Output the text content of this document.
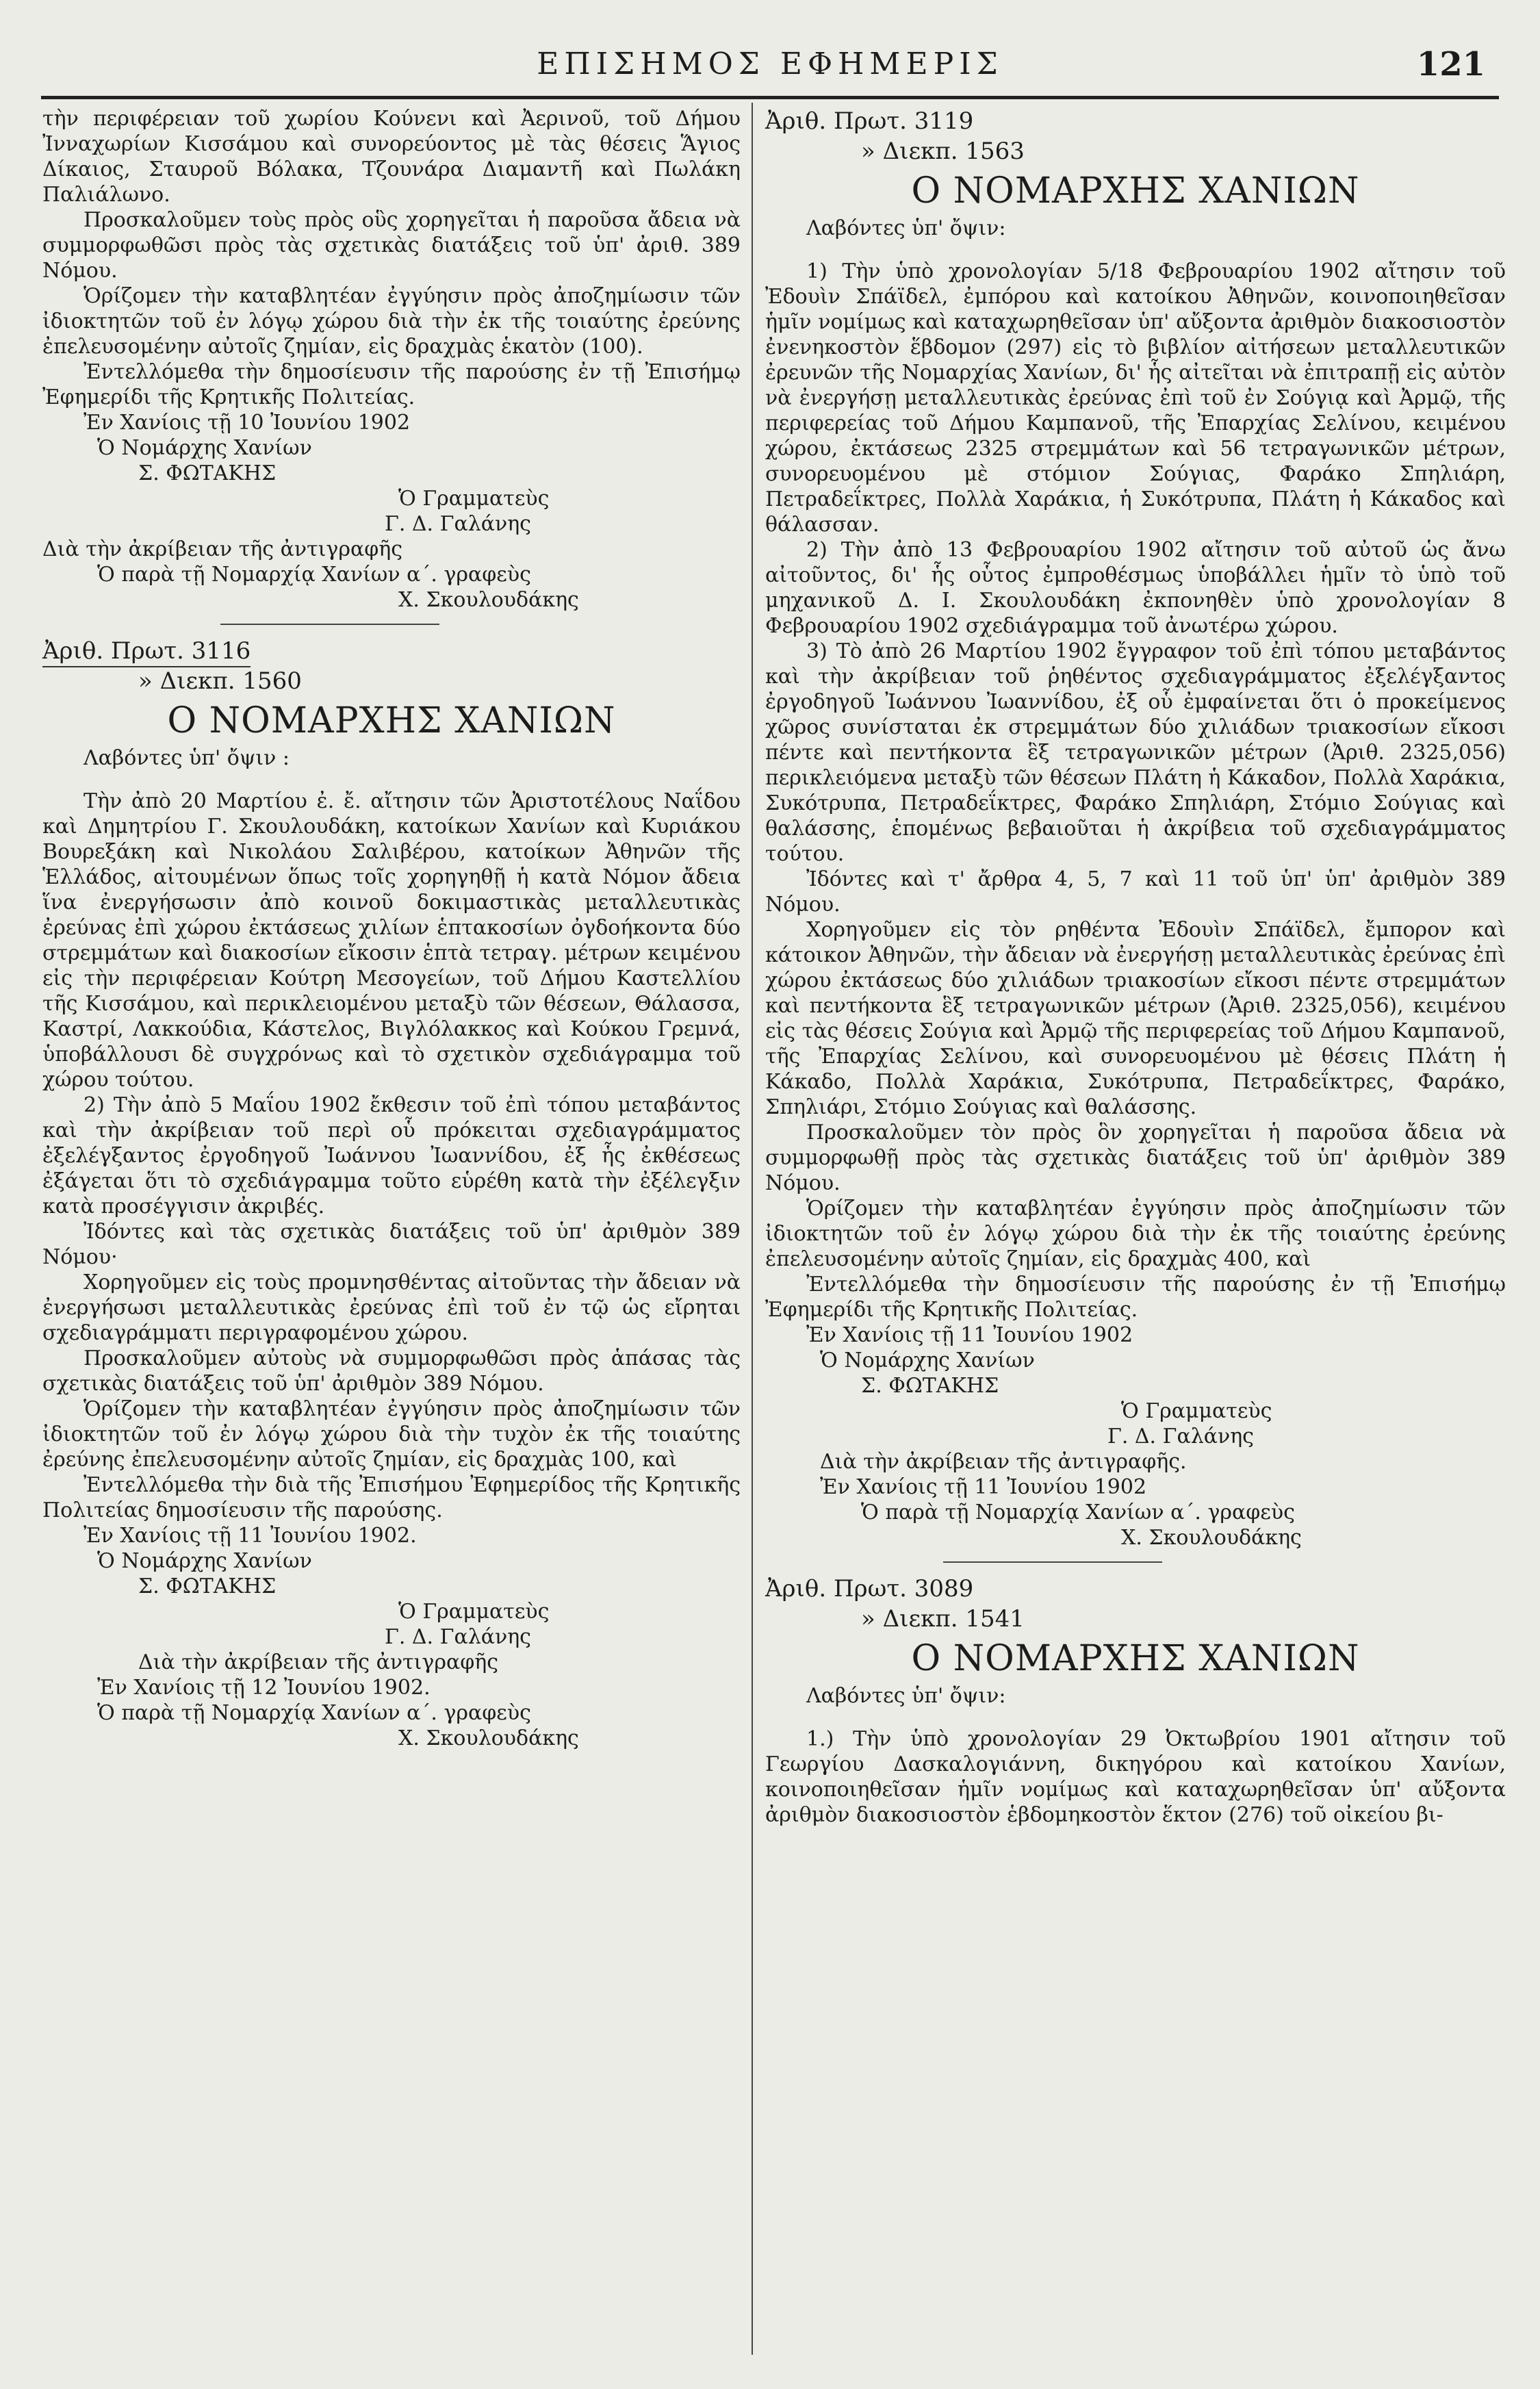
ΕΠΙΣΗΜΟΣ ΕΦΗΜΕΡΙΣ	121

τὴν περιφέρειαν τοῦ χωρίου Κούνενι καὶ Ἀερινοῦ, τοῦ Δήμου Ἰνναχωρίων Κισσάμου καὶ συνορεύοντος μὲ τὰς θέσεις Ἅγιος Δίκαιος, Σταυροῦ Βόλακα, Τζουνάρα Διαμαντῆ καὶ Πωλάκη Παλιάλωνο.

Προσκαλοῦμεν τοὺς πρὸς οὓς χορηγεῖται ἡ παροῦσα ἄδεια νὰ συμμορφωθῶσι πρὸς τὰς σχετικὰς διατάξεις τοῦ ὑπ' ἀριθ. 389 Νόμου.

Ὁρίζομεν τὴν καταβλητέαν ἐγγύησιν πρὸς ἀποζημίωσιν τῶν ἰδιοκτητῶν τοῦ ἐν λόγῳ χώρου διὰ τὴν ἐκ τῆς τοιαύτης ἐρεύνης ἐπελευσομένην αὐτοῖς ζημίαν, εἰς δραχμὰς ἑκατὸν (100).

Ἐντελλόμεθα τὴν δημοσίευσιν τῆς παρούσης ἐν τῇ Ἐπισήμῳ Ἐφημερίδι τῆς Κρητικῆς Πολιτείας.

Ἐν Χανίοις τῇ 10 Ἰουνίου 1902

Ὁ Νομάρχης Χανίων

Σ. ΦΩΤΑΚΗΣ

Ὁ Γραμματεὺς

Γ. Δ. Γαλάνης

Διὰ τὴν ἀκρίβειαν τῆς ἀντιγραφῆς

Ὁ παρὰ τῇ Νομαρχίᾳ Χανίων α΄. γραφεὺς

Χ. Σκουλουδάκης

Ἀριθ. Πρωτ. 3116

» Διεκπ. 1560

Ο ΝΟΜΑΡΧΗΣ ΧΑΝΙΩΝ

Λαβόντες ὑπ' ὄψιν :

Τὴν ἀπὸ 20 Μαρτίου ἐ. ἔ. αἴτησιν τῶν Ἀριστοτέλους Ναΐδου καὶ Δημητρίου Γ. Σκουλουδάκη, κατοίκων Χανίων καὶ Κυριάκου Βουρεξάκη καὶ Νικολάου Σαλιβέρου, κατοίκων Ἀθηνῶν τῆς Ἑλλάδος, αἰτουμένων ὅπως τοῖς χορηγηθῇ ἡ κατὰ Νόμον ἄδεια ἵνα ἐνεργήσωσιν ἀπὸ κοινοῦ δοκιμαστικὰς μεταλλευτικὰς ἐρεύνας ἐπὶ χώρου ἐκτάσεως χιλίων ἑπτακοσίων ὀγδοήκοντα δύο στρεμμάτων καὶ διακοσίων εἴκοσιν ἑπτὰ τετραγ. μέτρων κειμένου εἰς τὴν περιφέρειαν Κούτρη Μεσογείων, τοῦ Δήμου Καστελλίου τῆς Κισσάμου, καὶ περικλειομένου μεταξὺ τῶν θέσεων, Θάλασσα, Καστρί, Λακκούδια, Κάστελος, Βιγλόλακκος καὶ Κούκου Γρεμνά, ὑποβάλλουσι δὲ συγχρόνως καὶ τὸ σχετικὸν σχεδιάγραμμα τοῦ χώρου τούτου.

2) Τὴν ἀπὸ 5 Μαΐου 1902 ἔκθεσιν τοῦ ἐπὶ τόπου μεταβάντος καὶ τὴν ἀκρίβειαν τοῦ περὶ οὗ πρόκειται σχεδιαγράμματος ἐξελέγξαντος ἐργοδηγοῦ Ἰωάννου Ἰωαννίδου, ἐξ ἧς ἐκθέσεως ἐξάγεται ὅτι τὸ σχεδιάγραμμα τοῦτο εὑρέθη κατὰ τὴν ἐξέλεγξιν κατὰ προσέγγισιν ἀκριβές.

Ἰδόντες καὶ τὰς σχετικὰς διατάξεις τοῦ ὑπ' ἀριθμὸν 389 Νόμου·

Χορηγοῦμεν εἰς τοὺς προμνησθέντας αἰτοῦντας τὴν ἄδειαν νὰ ἐνεργήσωσι μεταλλευτικὰς ἐρεύνας ἐπὶ τοῦ ἐν τῷ ὡς εἴρηται σχεδιαγράμματι περιγραφομένου χώρου.

Προσκαλοῦμεν αὐτοὺς νὰ συμμορφωθῶσι πρὸς ἁπάσας τὰς σχετικὰς διατάξεις τοῦ ὑπ' ἀριθμὸν 389 Νόμου.

Ὁρίζομεν τὴν καταβλητέαν ἐγγύησιν πρὸς ἀποζημίωσιν τῶν ἰδιοκτητῶν τοῦ ἐν λόγῳ χώρου διὰ τὴν τυχὸν ἐκ τῆς τοιαύτης ἐρεύνης ἐπελευσομένην αὐτοῖς ζημίαν, εἰς δραχμὰς 100, καὶ

Ἐντελλόμεθα τὴν διὰ τῆς Ἐπισήμου Ἐφημερίδος τῆς Κρητικῆς Πολιτείας δημοσίευσιν τῆς παρούσης.

Ἐν Χανίοις τῇ 11 Ἰουνίου 1902.

Ὁ Νομάρχης Χανίων

Σ. ΦΩΤΑΚΗΣ

Ὁ Γραμματεὺς

Γ. Δ. Γαλάνης

Διὰ τὴν ἀκρίβειαν τῆς ἀντιγραφῆς

Ἐν Χανίοις τῇ 12 Ἰουνίου 1902.

Ὁ παρὰ τῇ Νομαρχίᾳ Χανίων α΄. γραφεὺς

Χ. Σκουλουδάκης

Ἀριθ. Πρωτ. 3119

» Διεκπ. 1563

Ο ΝΟΜΑΡΧΗΣ ΧΑΝΙΩΝ

Λαβόντες ὑπ' ὄψιν:

1) Τὴν ὑπὸ χρονολογίαν 5/18 Φεβρουαρίου 1902 αἴτησιν τοῦ Ἐδουὶν Σπάϊδελ, ἐμπόρου καὶ κατοίκου Ἀθηνῶν, κοινοποιηθεῖσαν ἡμῖν νομίμως καὶ καταχωρηθεῖσαν ὑπ' αὔξοντα ἀριθμὸν διακοσιοστὸν ἐνενηκοστὸν ἕβδομον (297) εἰς τὸ βιβλίον αἰτήσεων μεταλλευτικῶν ἐρευνῶν τῆς Νομαρχίας Χανίων, δι' ἧς αἰτεῖται νὰ ἐπιτραπῇ εἰς αὐτὸν νὰ ἐνεργήσῃ μεταλλευτικὰς ἐρεύνας ἐπὶ τοῦ ἐν Σούγιᾳ καὶ Ἀρμῷ, τῆς περιφερείας τοῦ Δήμου Καμπανοῦ, τῆς Ἐπαρχίας Σελίνου, κειμένου χώρου, ἐκτάσεως 2325 στρεμμάτων καὶ 56 τετραγωνικῶν μέτρων, συνορευομένου μὲ στόμιον Σούγιας, Φαράκο Σπηλιάρη, Πετραδεΐκτρες, Πολλὰ Χαράκια, ἡ Συκότρυπα, Πλάτη ἡ Κάκαδος καὶ θάλασσαν.

2) Τὴν ἀπὸ 13 Φεβρουαρίου 1902 αἴτησιν τοῦ αὐτοῦ ὡς ἄνω αἰτοῦντος, δι' ἧς οὗτος ἐμπροθέσμως ὑποβάλλει ἡμῖν τὸ ὑπὸ τοῦ μηχανικοῦ Δ. Ι. Σκουλουδάκη ἐκπονηθὲν ὑπὸ χρονολογίαν 8 Φεβρουαρίου 1902 σχεδιάγραμμα τοῦ ἀνωτέρω χώρου.

3) Τὸ ἀπὸ 26 Μαρτίου 1902 ἔγγραφον τοῦ ἐπὶ τόπου μεταβάντος καὶ τὴν ἀκρίβειαν τοῦ ῥηθέντος σχεδιαγράμματος ἐξελέγξαντος ἐργοδηγοῦ Ἰωάννου Ἰωαννίδου, ἐξ οὗ ἐμφαίνεται ὅτι ὁ προκείμενος χῶρος συνίσταται ἐκ στρεμμάτων δύο χιλιάδων τριακοσίων εἴκοσι πέντε καὶ πεντήκοντα ἓξ τετραγωνικῶν μέτρων (Ἀριθ. 2325,056) περικλειόμενα μεταξὺ τῶν θέσεων Πλάτη ἡ Κάκαδον, Πολλὰ Χαράκια, Συκότρυπα, Πετραδεΐκτρες, Φαράκο Σπηλιάρη, Στόμιο Σούγιας καὶ θαλάσσης, ἑπομένως βεβαιοῦται ἡ ἀκρίβεια τοῦ σχεδιαγράμματος τούτου.

Ἰδόντες καὶ τ' ἄρθρα 4, 5, 7 καὶ 11 τοῦ ὑπ' ὑπ' ἀριθμὸν 389 Νόμου.

Χορηγοῦμεν εἰς τὸν ρηθέντα Ἐδουὶν Σπάϊδελ, ἔμπορον καὶ κάτοικον Ἀθηνῶν, τὴν ἄδειαν νὰ ἐνεργήσῃ μεταλλευτικὰς ἐρεύνας ἐπὶ χώρου ἐκτάσεως δύο χιλιάδων τριακοσίων εἴκοσι πέντε στρεμμάτων καὶ πεντήκοντα ἓξ τετραγωνικῶν μέτρων (Ἀριθ. 2325,056), κειμένου εἰς τὰς θέσεις Σούγια καὶ Ἀρμῷ τῆς περιφερείας τοῦ Δήμου Καμπανοῦ, τῆς Ἐπαρχίας Σελίνου, καὶ συνορευομένου μὲ θέσεις Πλάτη ἡ Κάκαδο, Πολλὰ Χαράκια, Συκότρυπα, Πετραδεΐκτρες, Φαράκο, Σπηλιάρι, Στόμιο Σούγιας καὶ θαλάσσης.

Προσκαλοῦμεν τὸν πρὸς ὃν χορηγεῖται ἡ παροῦσα ἄδεια νὰ συμμορφωθῇ πρὸς τὰς σχετικὰς διατάξεις τοῦ ὑπ' ἀριθμὸν 389 Νόμου.

Ὁρίζομεν τὴν καταβλητέαν ἐγγύησιν πρὸς ἀποζημίωσιν τῶν ἰδιοκτητῶν τοῦ ἐν λόγῳ χώρου διὰ τὴν ἐκ τῆς τοιαύτης ἐρεύνης ἐπελευσομένην αὐτοῖς ζημίαν, εἰς δραχμὰς 400, καὶ

Ἐντελλόμεθα τὴν δημοσίευσιν τῆς παρούσης ἐν τῇ Ἐπισήμῳ Ἐφημερίδι τῆς Κρητικῆς Πολιτείας.

Ἐν Χανίοις τῇ 11 Ἰουνίου 1902

Ὁ Νομάρχης Χανίων

Σ. ΦΩΤΑΚΗΣ

Ὁ Γραμματεὺς

Γ. Δ. Γαλάνης

Διὰ τὴν ἀκρίβειαν τῆς ἀντιγραφῆς.

Ἐν Χανίοις τῇ 11 Ἰουνίου 1902

Ὁ παρὰ τῇ Νομαρχίᾳ Χανίων α΄. γραφεὺς

Χ. Σκουλουδάκης

Ἀριθ. Πρωτ. 3089

» Διεκπ. 1541

Ο ΝΟΜΑΡΧΗΣ ΧΑΝΙΩΝ

Λαβόντες ὑπ' ὄψιν:

1.) Τὴν ὑπὸ χρονολογίαν 29 Ὀκτωβρίου 1901 αἴτησιν τοῦ Γεωργίου Δασκαλογιάννη, δικηγόρου καὶ κατοίκου Χανίων, κοινοποιηθεῖσαν ἡμῖν νομίμως καὶ καταχωρηθεῖσαν ὑπ' αὔξοντα ἀριθμὸν διακοσιοστὸν ἑβδομηκοστὸν ἕκτον (276) τοῦ οἰκείου βι-
